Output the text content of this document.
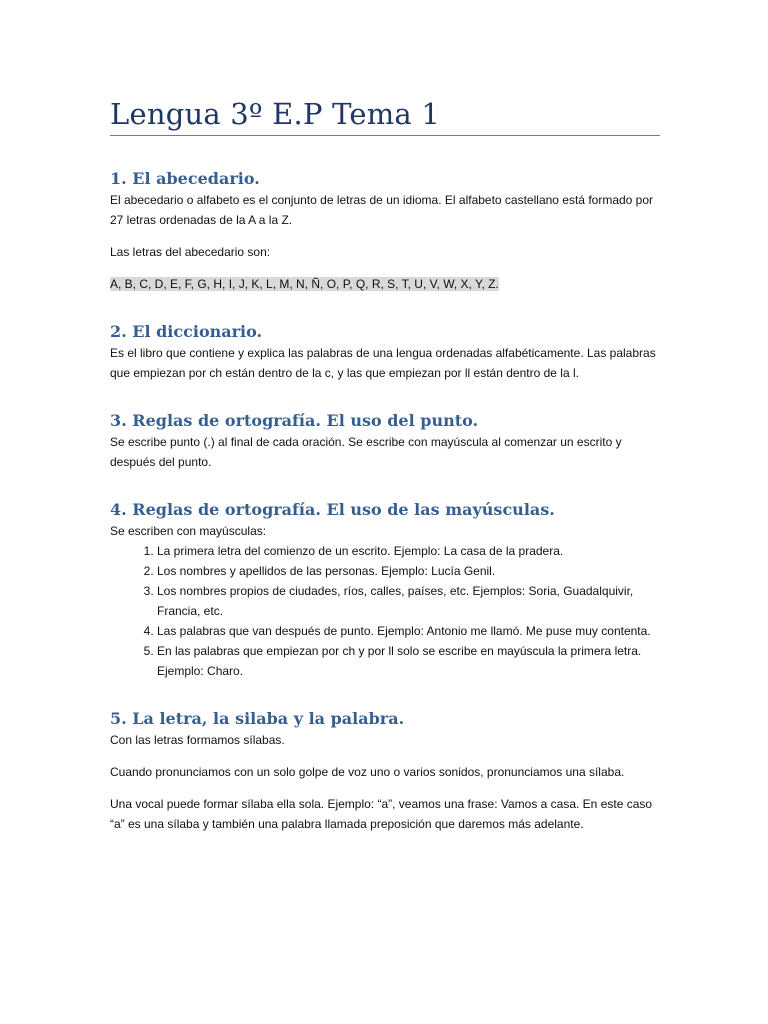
Lengua 3º E.P Tema 1
1. El abecedario.

El abecedario o alfabeto es el conjunto de letras de un idioma. El alfabeto castellano está formado por 27 letras ordenadas de la A a la Z.

Las letras del abecedario son:

A, B, C, D, E, F, G, H, I, J, K, L, M, N, Ñ, O, P, Q, R, S, T, U, V, W, X, Y, Z.

2. El diccionario.

Es el libro que contiene y explica las palabras de una lengua ordenadas alfabéticamente. Las palabras que empiezan por ch están dentro de la c, y las que empiezan por ll están dentro de la l.

3. Reglas de ortografía. El uso del punto.

Se escribe punto (.) al final de cada oración. Se escribe con mayúscula al comenzar un escrito y después del punto.

4. Reglas de ortografía. El uso de las mayúsculas.

Se escriben con mayúsculas:

1. La primera letra del comienzo de un escrito. Ejemplo: La casa de la pradera.
2. Los nombres y apellidos de las personas. Ejemplo: Lucía Genil.
3. Los nombres propios de ciudades, ríos, calles, países, etc. Ejemplos: Soria, Guadalquivir, Francia, etc.
4. Las palabras que van después de punto. Ejemplo: Antonio me llamó. Me puse muy contenta.
5. En las palabras que empiezan por ch y por ll solo se escribe en mayúscula la primera letra. Ejemplo: Charo.
5. La letra, la silaba y la palabra.

Con las letras formamos sílabas.

Cuando pronunciamos con un solo golpe de voz uno o varios sonidos, pronunciamos una sílaba.

Una vocal puede formar sílaba ella sola. Ejemplo: “a”, veamos una frase: Vamos a casa. En este caso “a” es una sílaba y también una palabra llamada preposición que daremos más adelante.
